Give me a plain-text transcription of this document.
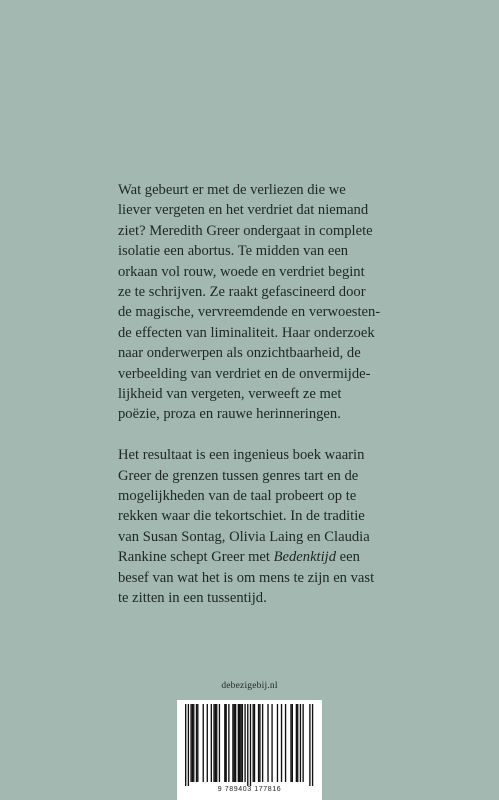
Wat gebeurt er met de verliezen die we
liever vergeten en het verdriet dat niemand
ziet? Meredith Greer ondergaat in complete
isolatie een abortus. Te midden van een
orkaan vol rouw, woede en verdriet begint
ze te schrijven. Ze raakt gefascineerd door
de magische, vervreemdende en verwoesten-
de effecten van liminaliteit. Haar onderzoek
naar onderwerpen als onzichtbaarheid, de
verbeelding van verdriet en de onvermijde-
lijkheid van vergeten, verweeft ze met
poëzie, proza en rauwe herinneringen.

Het resultaat is een ingenieus boek waarin
Greer de grenzen tussen genres tart en de
mogelijkheden van de taal probeert op te
rekken waar die tekortschiet. In de traditie
van Susan Sontag, Olivia Laing en Claudia
Rankine schept Greer met Bedenktijd een
besef van wat het is om mens te zijn en vast
te zitten in een tussentijd.

debezigebij.nl
9 789403 177816
